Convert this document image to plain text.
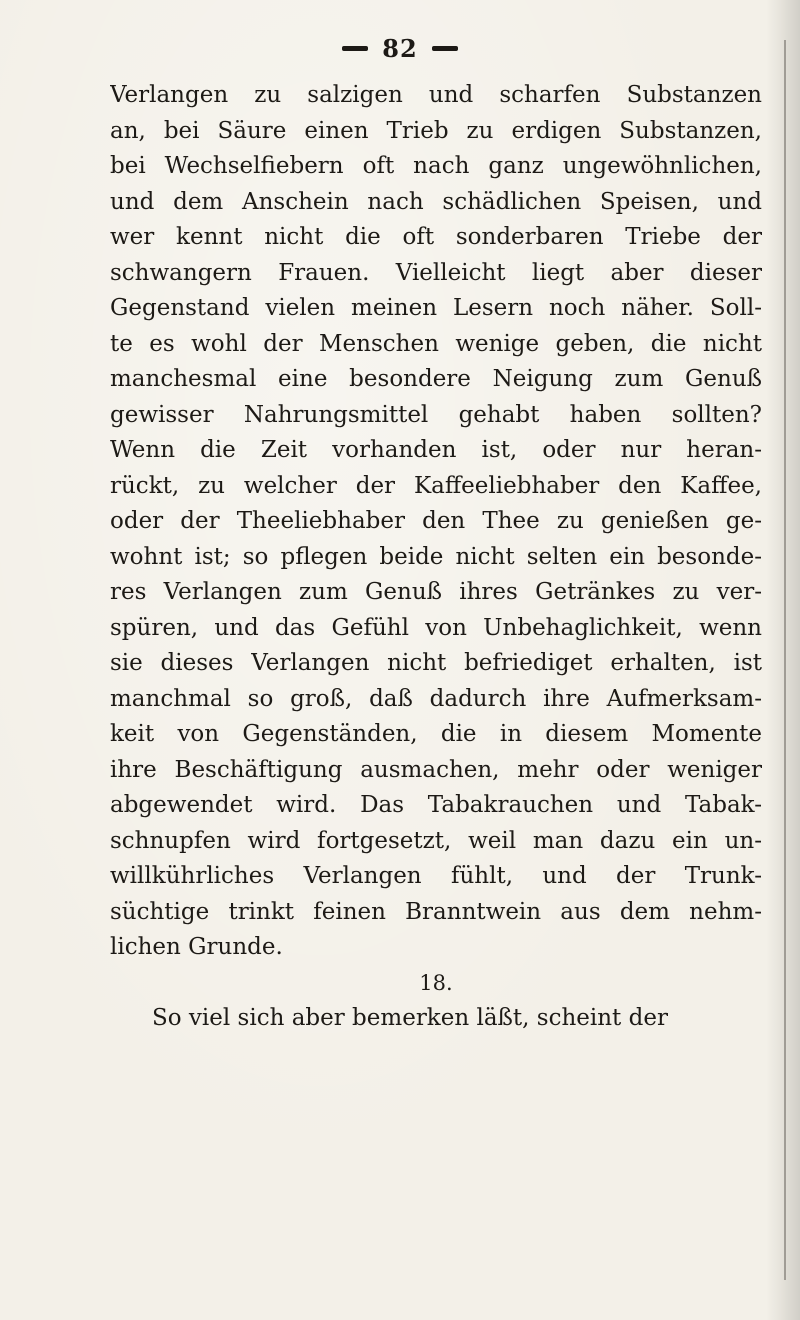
82
Verlangen zu salzigen und scharfen Substanzen
an, bei Säure einen Trieb zu erdigen Substanzen,
bei Wechselfiebern oft nach ganz ungewöhnlichen,
und dem Anschein nach schädlichen Speisen, und
wer kennt nicht die oft sonderbaren Triebe der
schwangern Frauen. Vielleicht liegt aber dieser
Gegenstand vielen meinen Lesern noch näher. Soll-
te es wohl der Menschen wenige geben, die nicht
manchesmal eine besondere Neigung zum Genuß
gewisser Nahrungsmittel gehabt haben sollten?
Wenn die Zeit vorhanden ist, oder nur heran-
rückt, zu welcher der Kaffeeliebhaber den Kaffee,
oder der Theeliebhaber den Thee zu genießen ge-
wohnt ist; so pflegen beide nicht selten ein besonde-
res Verlangen zum Genuß ihres Getränkes zu ver-
spüren, und das Gefühl von Unbehaglichkeit, wenn
sie dieses Verlangen nicht befriediget erhalten, ist
manchmal so groß, daß dadurch ihre Aufmerksam-
keit von Gegenständen, die in diesem Momente
ihre Beschäftigung ausmachen, mehr oder weniger
abgewendet wird. Das Tabakrauchen und Tabak-
schnupfen wird fortgesetzt, weil man dazu ein un-
willkührliches Verlangen fühlt, und der Trunk-
süchtige trinkt feinen Branntwein aus dem nehm-
lichen Grunde.
18.
So viel sich aber bemerken läßt, scheint der
